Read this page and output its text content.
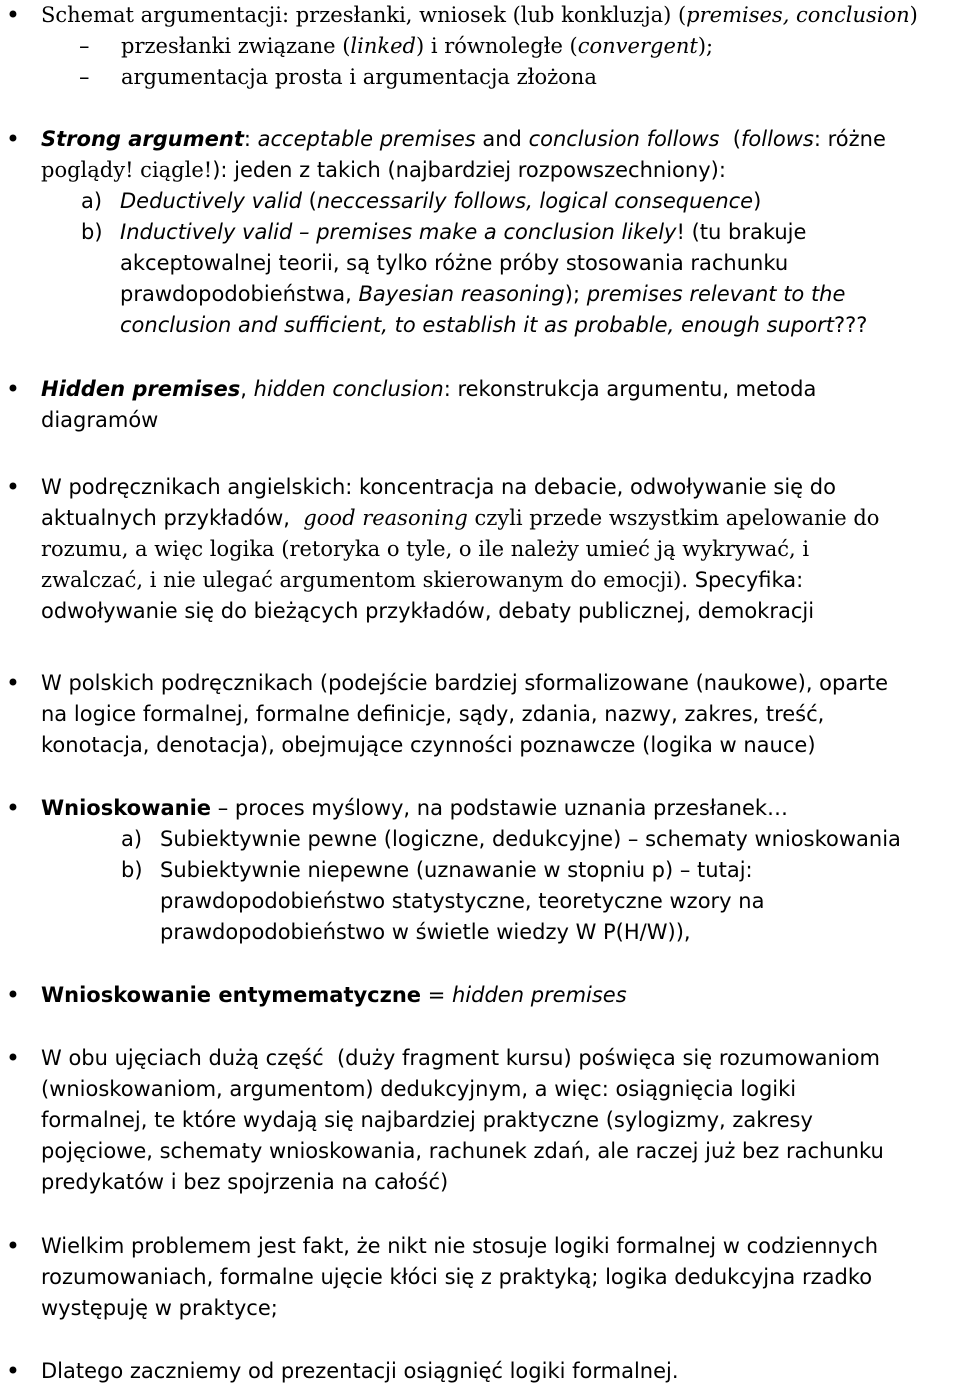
• Schemat argumentacji: przesłanki, wniosek (lub konkluzja) (premises, conclusion)
– przesłanki związane (linked) i równoległe (convergent);
– argumentacja prosta i argumentacja złożona
• Strong argument: acceptable premises and conclusion follows  (follows: różne
poglądy! ciągle!): jeden z takich (najbardziej rozpowszechniony):
a) Deductively valid (neccessarily follows, logical consequence)
b) Inductively valid – premises make a conclusion likely! (tu brakuje
akceptowalnej teorii, są tylko różne próby stosowania rachunku
prawdopodobieństwa, Bayesian reasoning); premises relevant to the
conclusion and sufficient, to establish it as probable, enough suport???
• Hidden premises, hidden conclusion: rekonstrukcja argumentu, metoda
diagramów
• W podręcznikach angielskich: koncentracja na debacie, odwoływanie się do
aktualnych przykładów,  good reasoning czyli przede wszystkim apelowanie do
rozumu, a więc logika (retoryka o tyle, o ile należy umieć ją wykrywać, i
zwalczać, i nie ulegać argumentom skierowanym do emocji). Specyfika:
odwoływanie się do bieżących przykładów, debaty publicznej, demokracji
• W polskich podręcznikach (podejście bardziej sformalizowane (naukowe), oparte
na logice formalnej, formalne definicje, sądy, zdania, nazwy, zakres, treść,
konotacja, denotacja), obejmujące czynności poznawcze (logika w nauce)
• Wnioskowanie – proces myślowy, na podstawie uznania przesłanek…
a) Subiektywnie pewne (logiczne, dedukcyjne) – schematy wnioskowania
b) Subiektywnie niepewne (uznawanie w stopniu p) – tutaj:
prawdopodobieństwo statystyczne, teoretyczne wzory na
prawdopodobieństwo w świetle wiedzy W P(H/W)),
• Wnioskowanie entymematyczne = hidden premises
• W obu ujęciach dużą część  (duży fragment kursu) poświęca się rozumowaniom
(wnioskowaniom, argumentom) dedukcyjnym, a więc: osiągnięcia logiki
formalnej, te które wydają się najbardziej praktyczne (sylogizmy, zakresy
pojęciowe, schematy wnioskowania, rachunek zdań, ale raczej już bez rachunku
predykatów i bez spojrzenia na całość)
• Wielkim problemem jest fakt, że nikt nie stosuje logiki formalnej w codziennych
rozumowaniach, formalne ujęcie kłóci się z praktyką; logika dedukcyjna rzadko
występuję w praktyce;
• Dlatego zaczniemy od prezentacji osiągnięć logiki formalnej.
